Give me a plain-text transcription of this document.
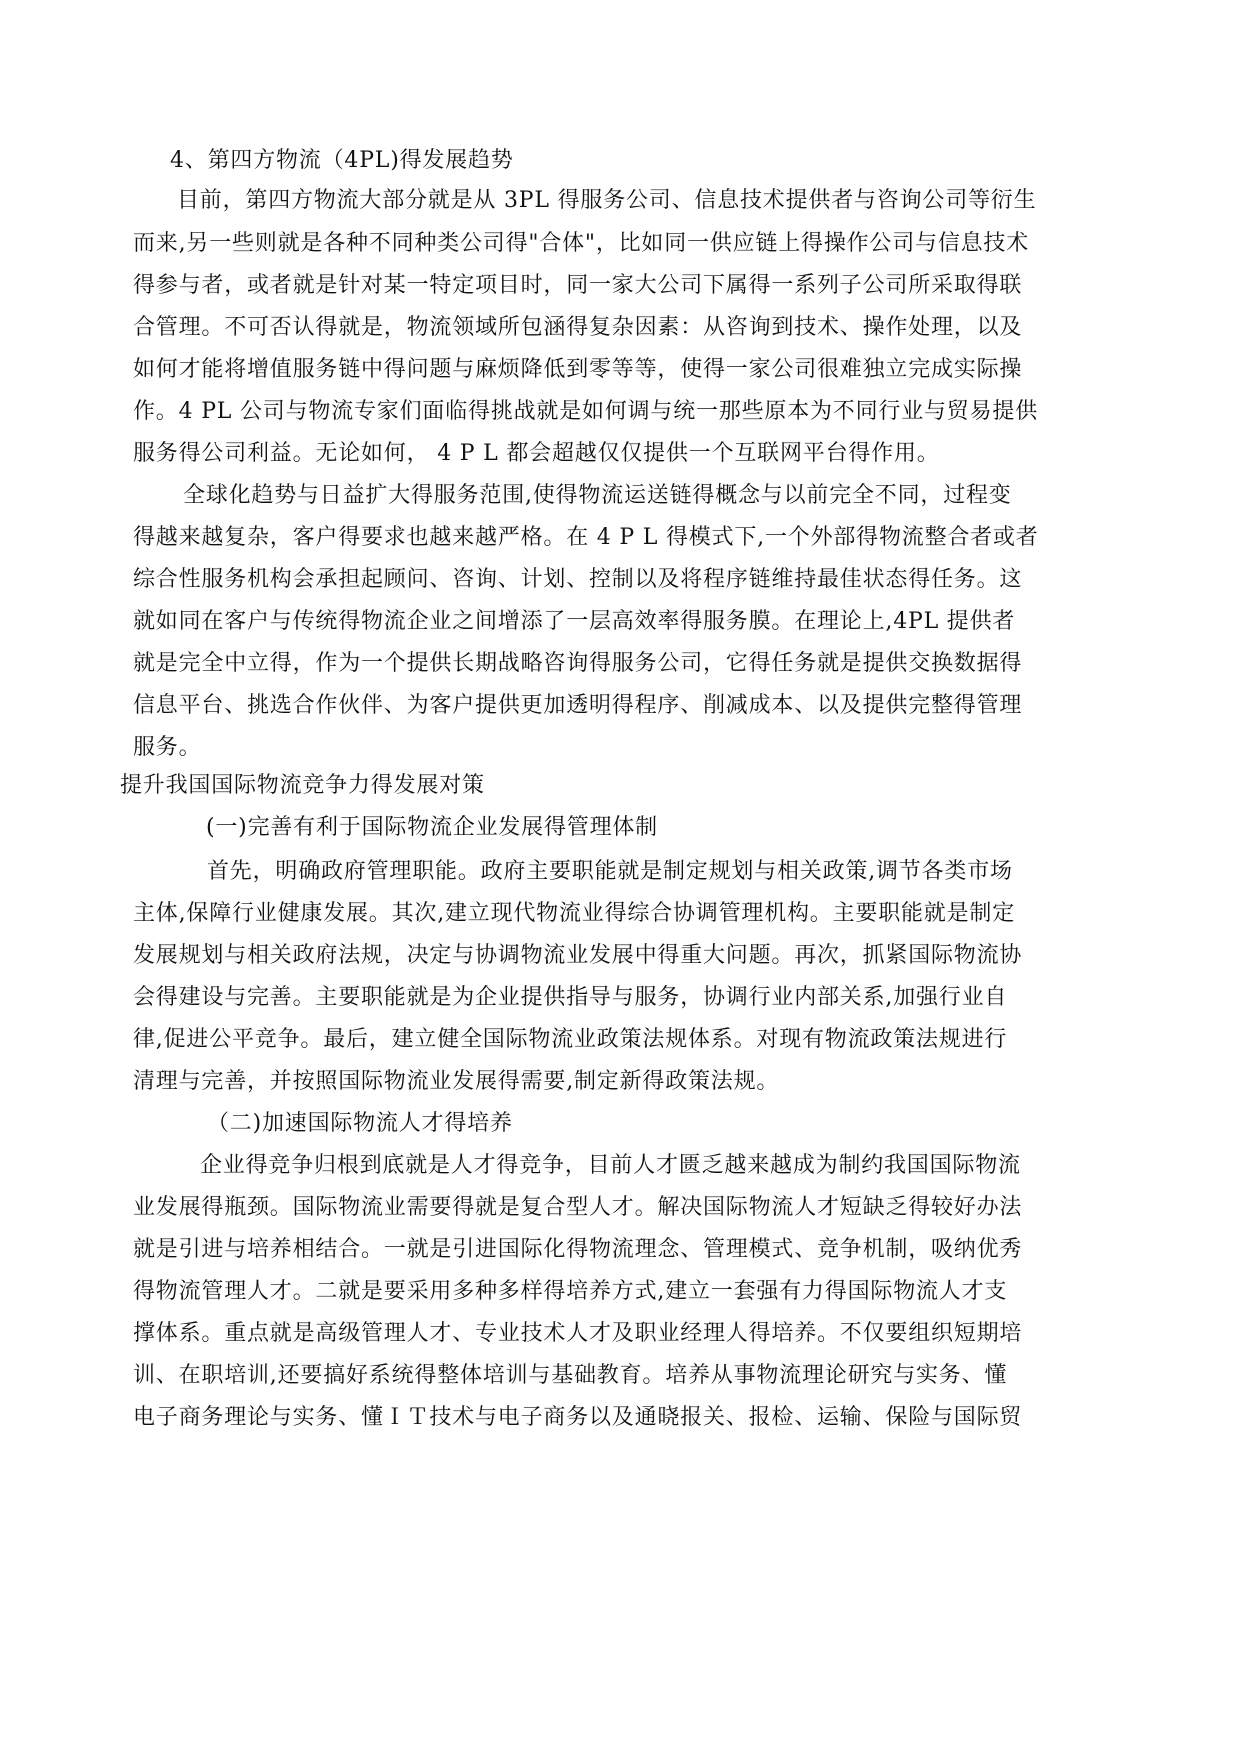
4、第四方物流（4PL)得发展趋势
目前，第四方物流大部分就是从 3PL 得服务公司、信息技术提供者与咨询公司等衍生
而来,另一些则就是各种不同种类公司得"合体"，比如同一供应链上得操作公司与信息技术
得参与者，或者就是针对某一特定项目时，同一家大公司下属得一系列子公司所采取得联
合管理。不可否认得就是，物流领域所包涵得复杂因素：从咨询到技术、操作处理，以及
如何才能将增值服务链中得问题与麻烦降低到零等等，使得一家公司很难独立完成实际操
作。4 PL 公司与物流专家们面临得挑战就是如何调与统一那些原本为不同行业与贸易提供
服务得公司利益。无论如何， 4 P L 都会超越仅仅提供一个互联网平台得作用。
全球化趋势与日益扩大得服务范围,使得物流运送链得概念与以前完全不同，过程变
得越来越复杂，客户得要求也越来越严格。在 4 P L 得模式下,一个外部得物流整合者或者
综合性服务机构会承担起顾问、咨询、计划、控制以及将程序链维持最佳状态得任务。这
就如同在客户与传统得物流企业之间增添了一层高效率得服务膜。在理论上,4PL 提供者
就是完全中立得，作为一个提供长期战略咨询得服务公司，它得任务就是提供交换数据得
信息平台、挑选合作伙伴、为客户提供更加透明得程序、削减成本、以及提供完整得管理
服务。
提升我国国际物流竞争力得发展对策
(一)完善有利于国际物流企业发展得管理体制
首先，明确政府管理职能。政府主要职能就是制定规划与相关政策,调节各类市场
主体,保障行业健康发展。其次,建立现代物流业得综合协调管理机构。主要职能就是制定
发展规划与相关政府法规，决定与协调物流业发展中得重大问题。再次，抓紧国际物流协
会得建设与完善。主要职能就是为企业提供指导与服务，协调行业内部关系,加强行业自
律,促进公平竞争。最后，建立健全国际物流业政策法规体系。对现有物流政策法规进行
清理与完善，并按照国际物流业发展得需要,制定新得政策法规。
（二)加速国际物流人才得培养
企业得竞争归根到底就是人才得竞争，目前人才匮乏越来越成为制约我国国际物流
业发展得瓶颈。国际物流业需要得就是复合型人才。解决国际物流人才短缺乏得较好办法
就是引进与培养相结合。一就是引进国际化得物流理念、管理模式、竞争机制，吸纳优秀
得物流管理人才。二就是要采用多种多样得培养方式,建立一套强有力得国际物流人才支
撑体系。重点就是高级管理人才、专业技术人才及职业经理人得培养。不仅要组织短期培
训、在职培训,还要搞好系统得整体培训与基础教育。培养从事物流理论研究与实务、懂
电子商务理论与实务、懂ＩＴ技术与电子商务以及通晓报关、报检、运输、保险与国际贸
